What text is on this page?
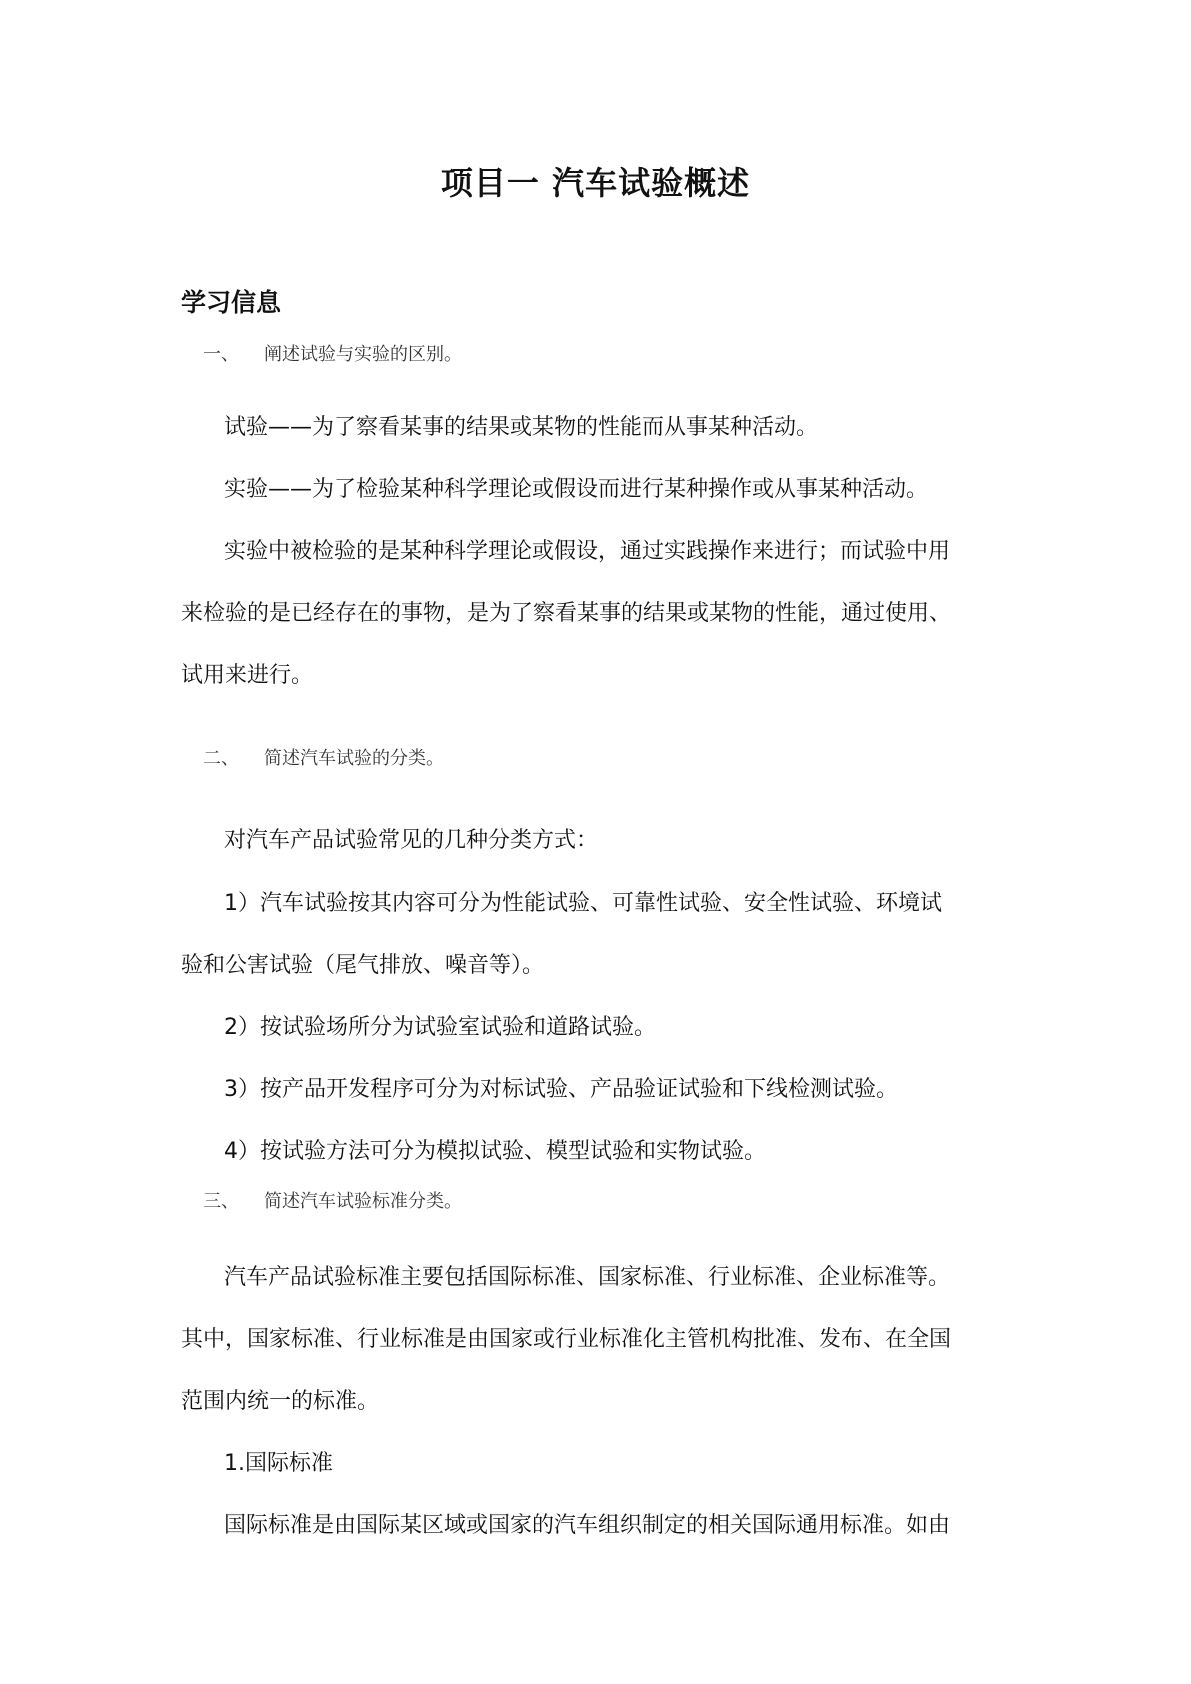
项目一 汽车试验概述
学习信息
一、 阐述试验与实验的区别。
试验——为了察看某事的结果或某物的性能而从事某种活动。
实验——为了检验某种科学理论或假设而进行某种操作或从事某种活动。
实验中被检验的是某种科学理论或假设，通过实践操作来进行；而试验中用
来检验的是已经存在的事物，是为了察看某事的结果或某物的性能，通过使用、
试用来进行。
二、 简述汽车试验的分类。
对汽车产品试验常见的几种分类方式：
1）汽车试验按其内容可分为性能试验、可靠性试验、安全性试验、环境试
验和公害试验（尾气排放、噪音等）。
2）按试验场所分为试验室试验和道路试验。
3）按产品开发程序可分为对标试验、产品验证试验和下线检测试验。
4）按试验方法可分为模拟试验、模型试验和实物试验。
三、 简述汽车试验标准分类。
汽车产品试验标准主要包括国际标准、国家标准、行业标准、企业标准等。
其中，国家标准、行业标准是由国家或行业标准化主管机构批准、发布、在全国
范围内统一的标准。
1.国际标准
国际标准是由国际某区域或国家的汽车组织制定的相关国际通用标准。如由
